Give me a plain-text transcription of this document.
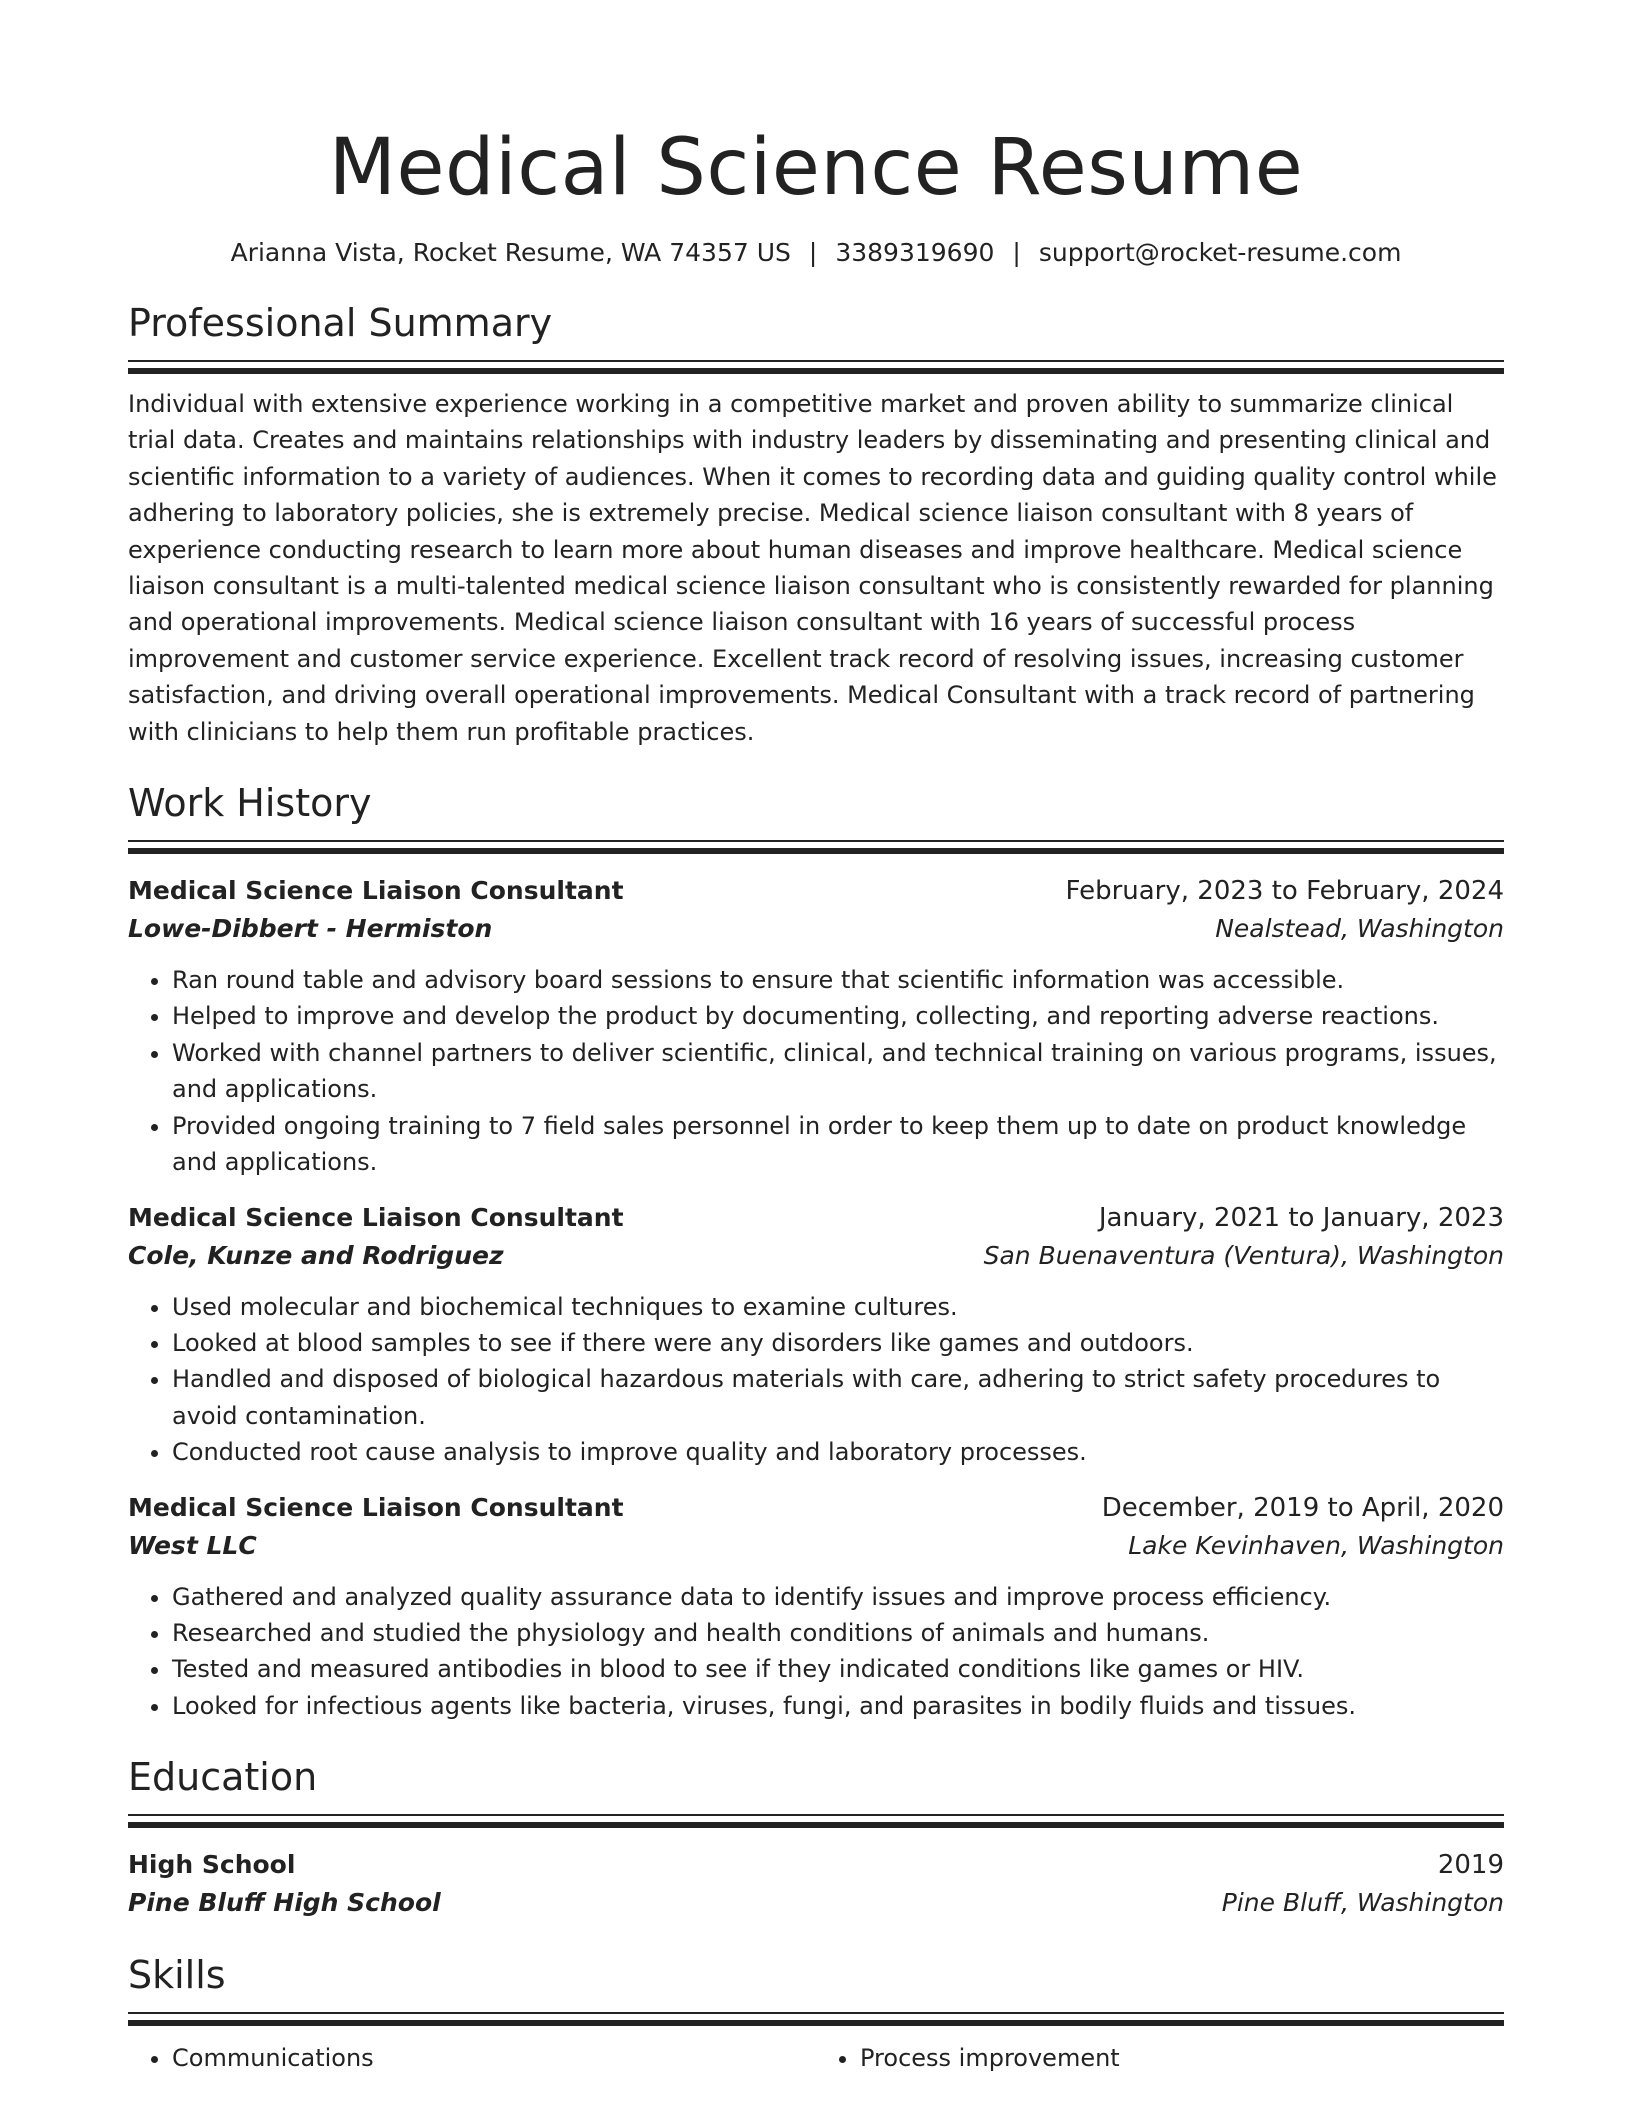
Medical Science Resume
Arianna Vista, Rocket Resume, WA 74357 US | 3389319690 | support@rocket-resume.com
Professional Summary

Individual with extensive experience working in a competitive market and proven ability to summarize clinical trial data. Creates and maintains relationships with industry leaders by disseminating and presenting clinical and scientific information to a variety of audiences. When it comes to recording data and guiding quality control while adhering to laboratory policies, she is extremely precise. Medical science liaison consultant with 8 years of experience conducting research to learn more about human diseases and improve healthcare. Medical science liaison consultant is a multi-talented medical science liaison consultant who is consistently rewarded for planning and operational improvements. Medical science liaison consultant with 16 years of successful process improvement and customer service experience. Excellent track record of resolving issues, increasing customer satisfaction, and driving overall operational improvements. Medical Consultant with a track record of partnering with clinicians to help them run profitable practices.

Work History
Medical Science Liaison Consultant	February, 2023 to February, 2024
Lowe-Dibbert - Hermiston	Nealstead, Washington
• Ran round table and advisory board sessions to ensure that scientific information was accessible.
• Helped to improve and develop the product by documenting, collecting, and reporting adverse reactions.
• Worked with channel partners to deliver scientific, clinical, and technical training on various programs, issues, and applications.
• Provided ongoing training to 7 field sales personnel in order to keep them up to date on product knowledge and applications.
Medical Science Liaison Consultant	January, 2021 to January, 2023
Cole, Kunze and Rodriguez	San Buenaventura (Ventura), Washington
• Used molecular and biochemical techniques to examine cultures.
• Looked at blood samples to see if there were any disorders like games and outdoors.
• Handled and disposed of biological hazardous materials with care, adhering to strict safety procedures to avoid contamination.
• Conducted root cause analysis to improve quality and laboratory processes.
Medical Science Liaison Consultant	December, 2019 to April, 2020
West LLC	Lake Kevinhaven, Washington
• Gathered and analyzed quality assurance data to identify issues and improve process efficiency.
• Researched and studied the physiology and health conditions of animals and humans.
• Tested and measured antibodies in blood to see if they indicated conditions like games or HIV.
• Looked for infectious agents like bacteria, viruses, fungi, and parasites in bodily fluids and tissues.
Education
High School	2019
Pine Bluff High School	Pine Bluff, Washington
Skills
• Communications
•	Process improvement
